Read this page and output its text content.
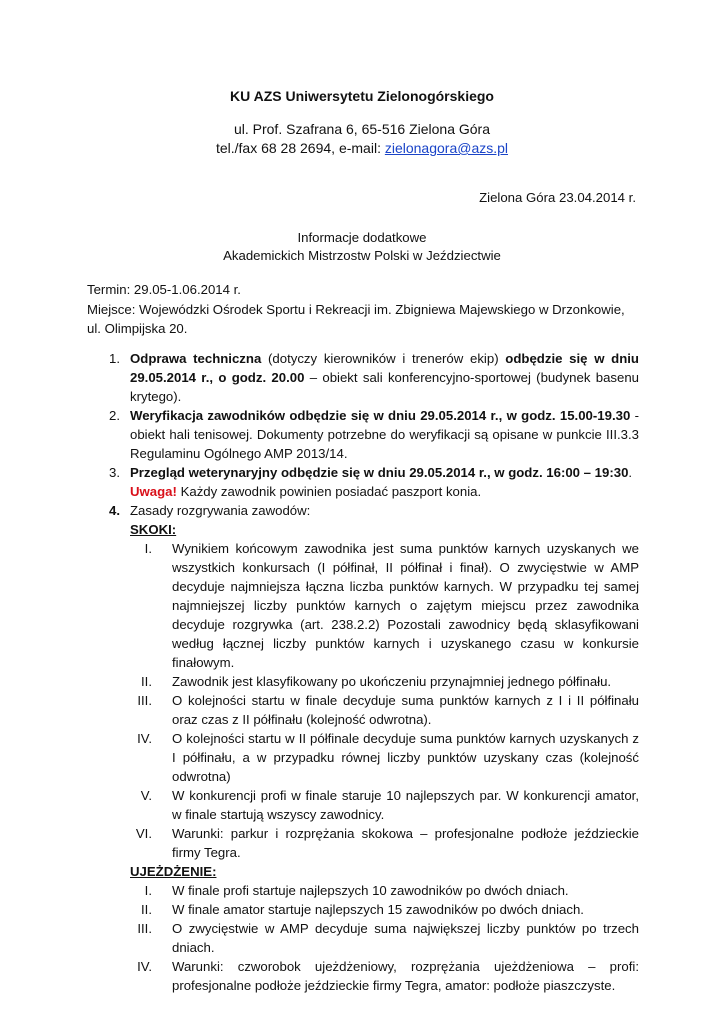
KU AZS Uniwersytetu Zielonogórskiego
ul. Prof. Szafrana 6, 65-516 Zielona Góra
tel./fax 68 28 2694, e-mail: zielonagora@azs.pl
Zielona Góra 23.04.2014 r.
Informacje dodatkowe
Akademickich Mistrzostw Polski w Jeździectwie
Termin: 29.05-1.06.2014 r.
Miejsce: Wojewódzki Ośrodek Sportu i Rekreacji im. Zbigniewa Majewskiego w Drzonkowie, ul. Olimpijska 20.
1. Odprawa techniczna (dotyczy kierowników i trenerów ekip) odbędzie się w dniu 29.05.2014 r., o godz. 20.00 – obiekt sali konferencyjno-sportowej (budynek basenu krytego).
2. Weryfikacja zawodników odbędzie się w dniu 29.05.2014 r., w godz. 15.00-19.30 - obiekt hali tenisowej. Dokumenty potrzebne do weryfikacji są opisane w punkcie III.3.3 Regulaminu Ogólnego AMP 2013/14.
3. Przegląd weterynaryjny odbędzie się w dniu 29.05.2014 r., w godz. 16:00 – 19:30.
Uwaga! Każdy zawodnik powinien posiadać paszport konia.
4. Zasady rozgrywania zawodów:
SKOKI:
I. Wynikiem końcowym zawodnika jest suma punktów karnych uzyskanych we wszystkich konkursach (I półfinał, II półfinał i finał). O zwycięstwie w AMP decyduje najmniejsza łączna liczba punktów karnych. W przypadku tej samej najmniejszej liczby punktów karnych o zajętym miejscu przez zawodnika decyduje rozgrywka (art. 238.2.2) Pozostali zawodnicy będą sklasyfikowani według łącznej liczby punktów karnych i uzyskanego czasu w konkursie finałowym.
II. Zawodnik jest klasyfikowany po ukończeniu przynajmniej jednego półfinału.
III. O kolejności startu w finale decyduje suma punktów karnych z I i II półfinału oraz czas z II półfinału (kolejność odwrotna).
IV. O kolejności startu w II półfinale decyduje suma punktów karnych uzyskanych z I półfinału, a w przypadku równej liczby punktów uzyskany czas (kolejność odwrotna)
V. W konkurencji profi w finale staruje 10 najlepszych par. W konkurencji amator, w finale startują wszyscy zawodnicy.
VI. Warunki: parkur i rozprężania skokowa – profesjonalne podłoże jeździeckie firmy Tegra.
UJEŻDŻENIE:
I. W finale profi startuje najlepszych 10 zawodników po dwóch dniach.
II. W finale amator startuje najlepszych 15 zawodników po dwóch dniach.
III. O zwycięstwie w AMP decyduje suma największej liczby punktów po trzech dniach.
IV. Warunki: czworobok ujeżdżeniowy, rozprężania ujeżdżeniowa – profi: profesjonalne podłoże jeździeckie firmy Tegra, amator: podłoże piaszczyste.
